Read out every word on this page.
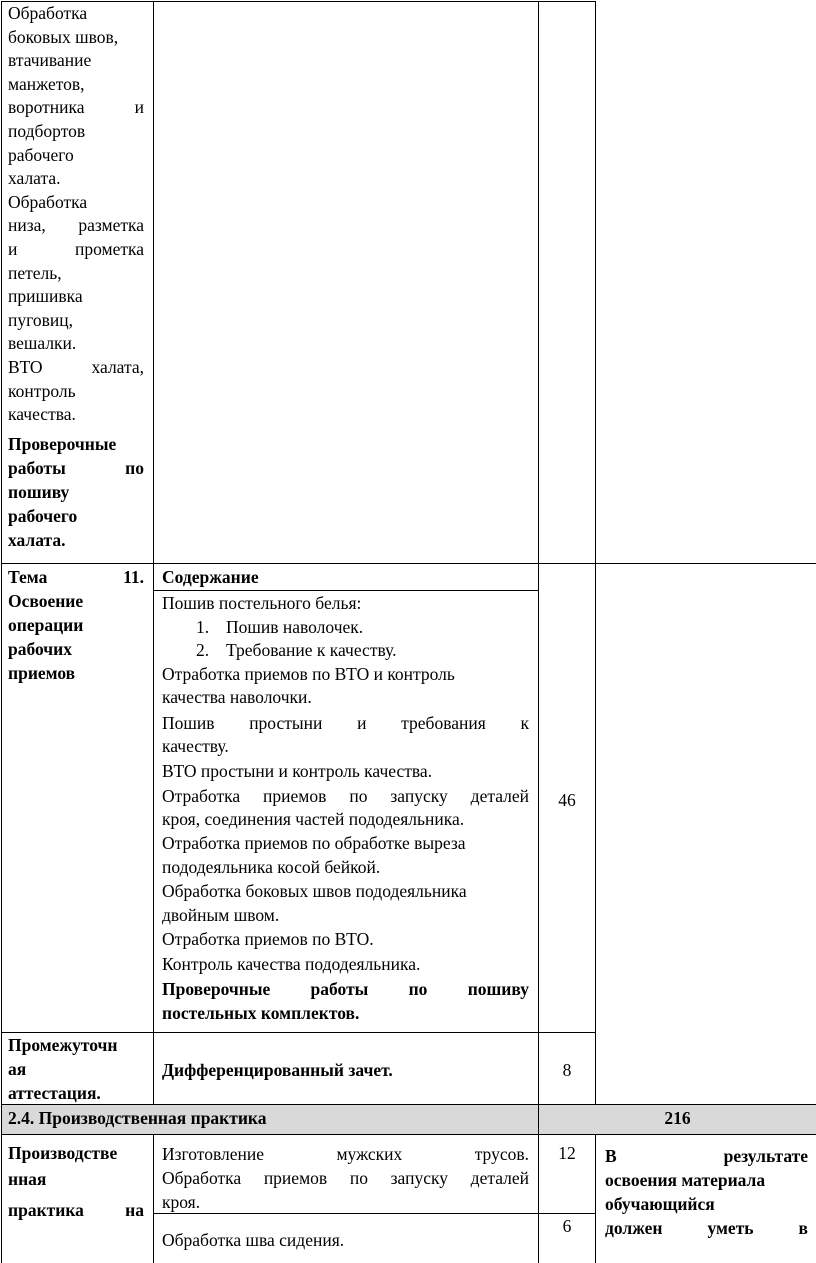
Обработка
боковых швов,
втачивание
манжетов,
воротника и
подбортов
рабочего
халата.
Обработка
низа, разметка
и прометка
петель,
пришивка
пуговиц,
вешалки.
ВТО халата,
контроль
качества.
Проверочные
работы по
пошиву
рабочего
халата.
Тема 11.
Освоение
операции
рабочих
приемов
Содержание
Пошив постельного белья:
1. Пошив наволочек.
2. Требование к качеству.
Отработка приемов по ВТО и контроль
качества наволочки.
Пошив простыни и требования к
качеству.
ВТО простыни и контроль качества.
Отработка приемов по запуску деталей
кроя, соединения частей пододеяльника.
Отработка приемов по обработке выреза
пододеяльника косой бейкой.
Обработка боковых швов пододеяльника
двойным швом.
Отработка приемов по ВТО.
Контроль качества пододеяльника.
Проверочные работы по пошиву
постельных комплектов.
46
Промежуточн
ая
аттестация.
Дифференцированный зачет.	8
2.4. Производственная практика	216
Производстве
нная
практика на
Изготовление мужских трусов.
Обработка приемов по запуску деталей
кроя.
12
Обработка шва сидения.
6
В результате
освоения материала
обучающийся
должен уметь в
